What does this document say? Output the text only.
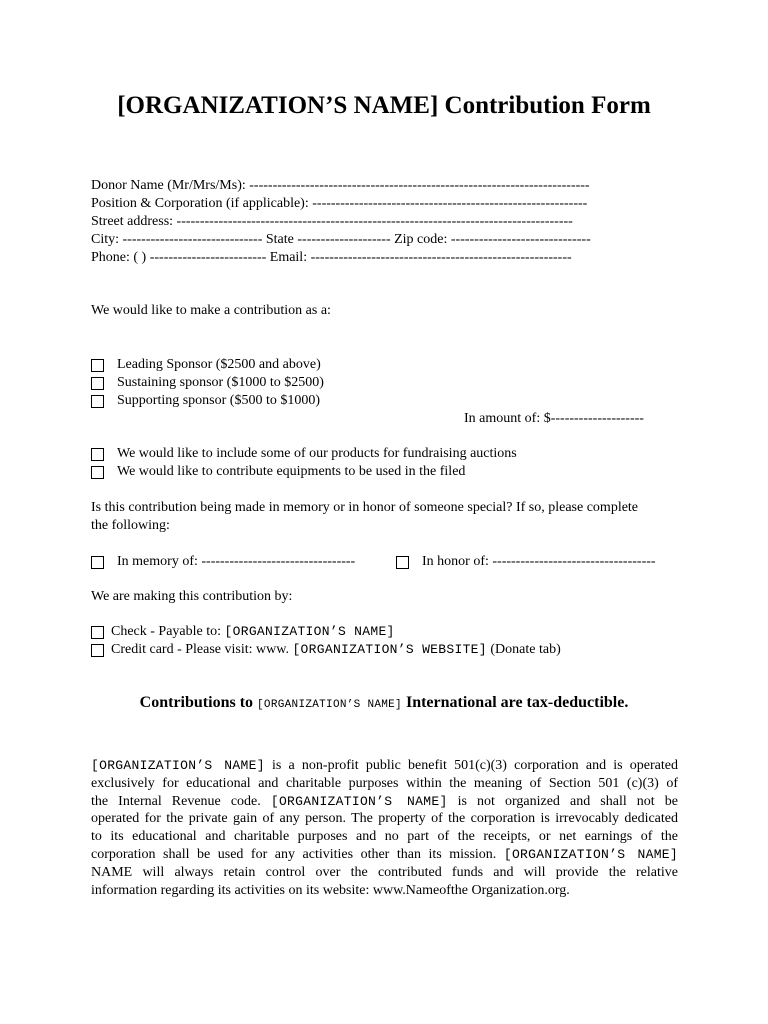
[ORGANIZATION’S NAME] Contribution Form
Donor Name (Mr/Mrs/Ms): -------------------------------------------------------------------------
Position & Corporation (if applicable): -----------------------------------------------------------
Street address: -------------------------------------------------------------------------------------
City: ------------------------------ State -------------------- Zip code: ------------------------------
Phone: ( ) ------------------------- Email: --------------------------------------------------------
We would like to make a contribution as a:
Leading Sponsor ($2500 and above)
Sustaining sponsor ($1000 to $2500)
Supporting sponsor ($500 to $1000)
In amount of: $--------------------
We would like to include some of our products for fundraising auctions
We would like to contribute equipments to be used in the filed
Is this contribution being made in memory or in honor of someone special? If so, please complete
the following:
In memory of: ---------------------------------	In honor of: -----------------------------------
We are making this contribution by:
Check - Payable to: [ORGANIZATION’S NAME]
Credit card - Please visit: www. [ORGANIZATION’S WEBSITE] (Donate tab)
Contributions to [ORGANIZATION’S NAME] International are tax-deductible.
[ORGANIZATION’S NAME] is a non-profit public benefit 501(c)(3) corporation and is operated
exclusively for educational and charitable purposes within the meaning of Section 501 (c)(3) of
the Internal Revenue code. [ORGANIZATION’S NAME] is not organized and shall not be
operated for the private gain of any person. The property of the corporation is irrevocably dedicated
to its educational and charitable purposes and no part of the receipts, or net earnings of the
corporation shall be used for any activities other than its mission. [ORGANIZATION’S NAME]
NAME will always retain control over the contributed funds and will provide the relative
information regarding its activities on its website: www.Nameofthe Organization.org.
